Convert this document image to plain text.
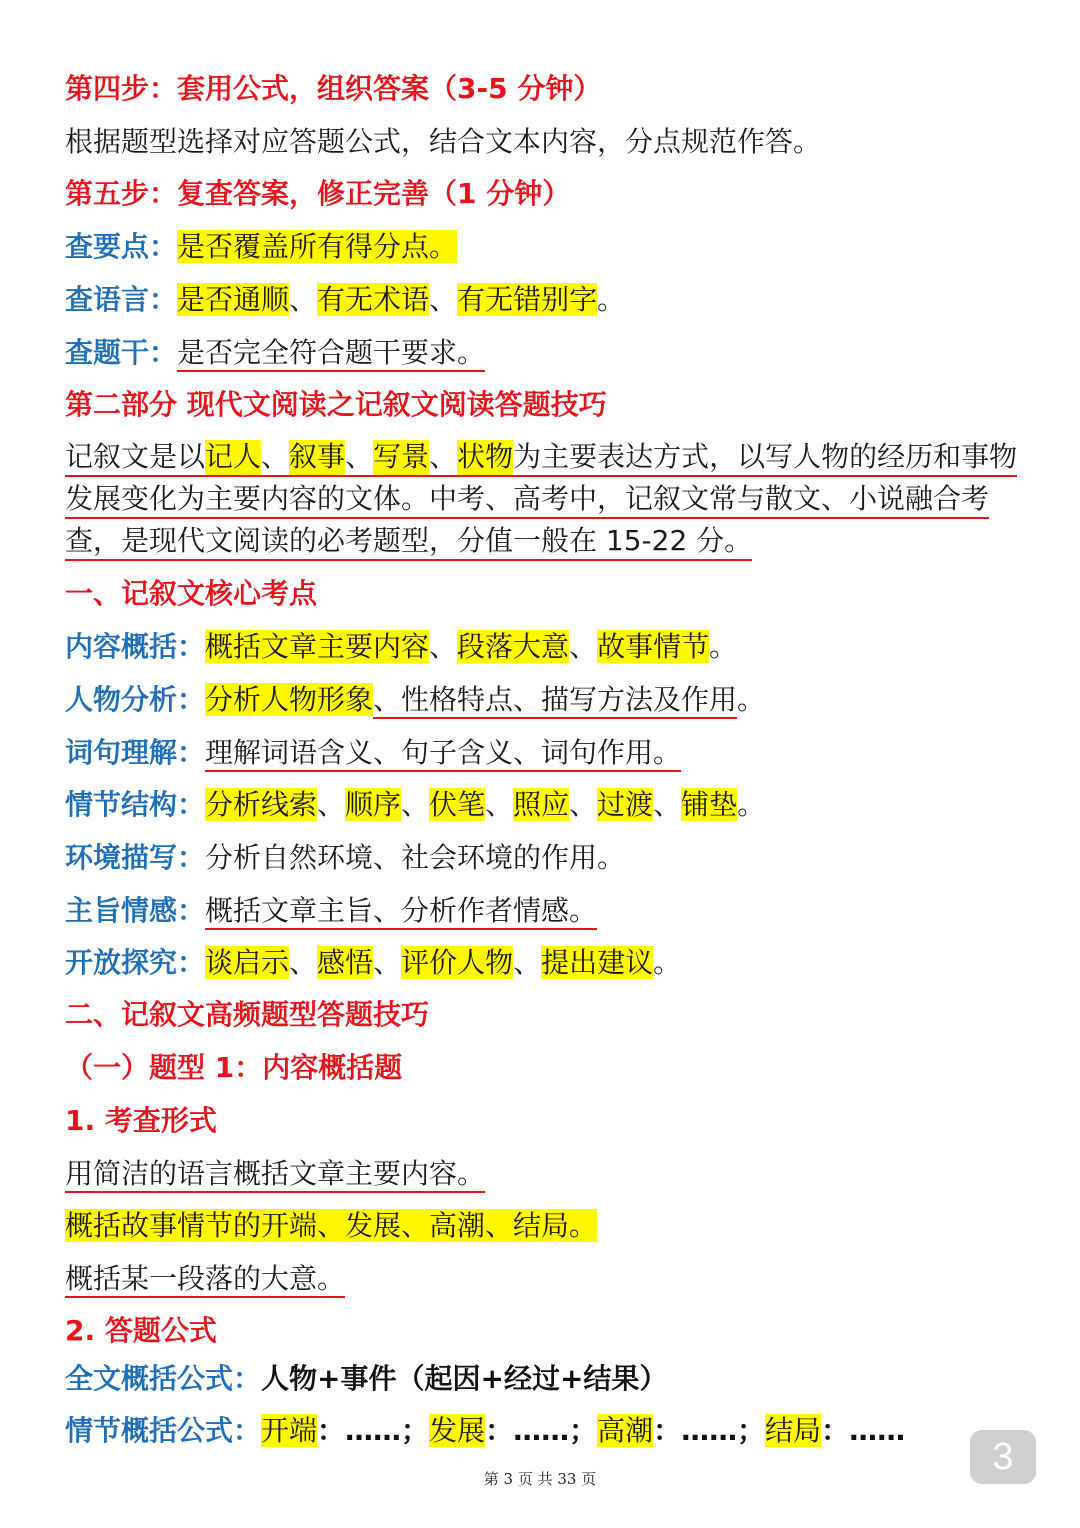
第四步：套用公式，组织答案（3-5 分钟）
根据题型选择对应答题公式，结合文本内容，分点规范作答。
第五步：复查答案，修正完善（1 分钟）
查要点：是否覆盖所有得分点。
查语言：是否通顺、有无术语、有无错别字。
查题干：是否完全符合题干要求。
第二部分 现代文阅读之记叙文阅读答题技巧
记叙文是以记人、叙事、写景、状物为主要表达方式，以写人物的经历和事物发展变化为主要内容的文体。中考、高考中，记叙文常与散文、小说融合考查，是现代文阅读的必考题型，分值一般在 15-22 分。
一、记叙文核心考点
内容概括：概括文章主要内容、段落大意、故事情节。
人物分析：分析人物形象、性格特点、描写方法及作用。
词句理解：理解词语含义、句子含义、词句作用。
情节结构：分析线索、顺序、伏笔、照应、过渡、铺垫。
环境描写：分析自然环境、社会环境的作用。
主旨情感：概括文章主旨、分析作者情感。
开放探究：谈启示、感悟、评价人物、提出建议。
二、记叙文高频题型答题技巧
（一）题型 1：内容概括题
1. 考查形式
用简洁的语言概括文章主要内容。
概括故事情节的开端、发展、高潮、结局。
概括某一段落的大意。
2. 答题公式
全文概括公式：人物+事件（起因+经过+结果）
情节概括公式：开端：……；发展：……；高潮：……；结局：……
第 3 页 共 33 页
3
